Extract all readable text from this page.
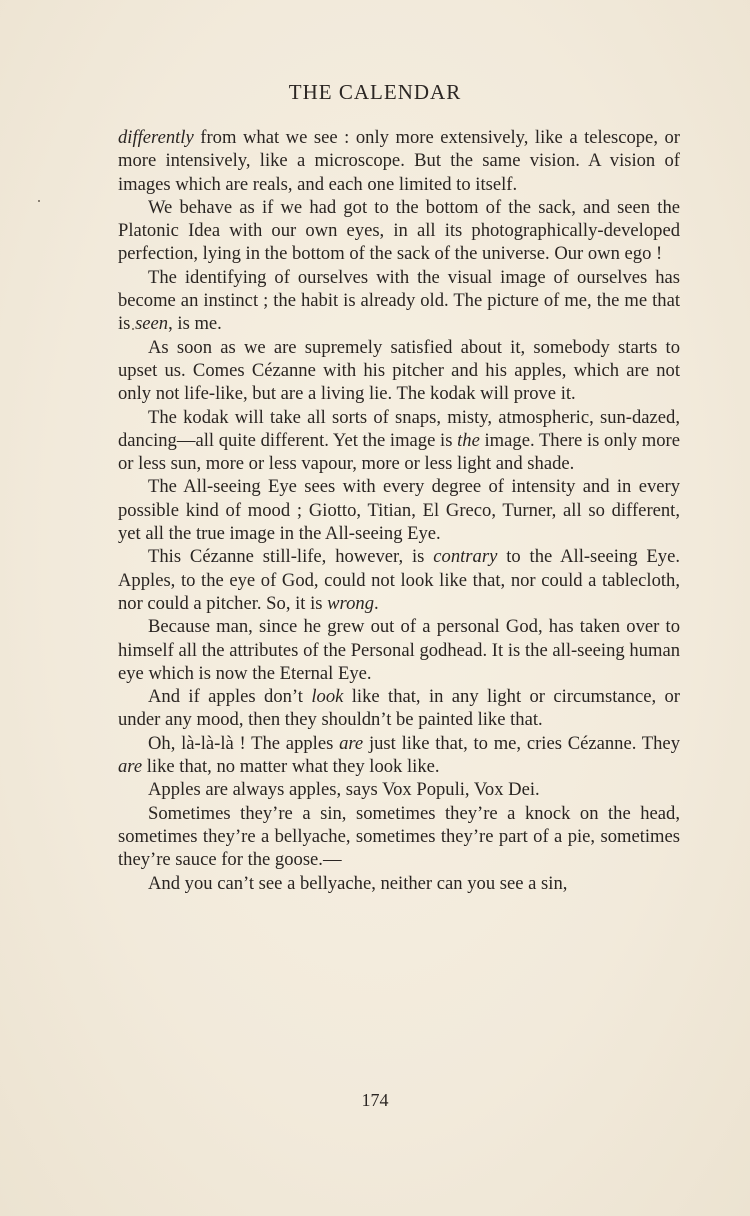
THE CALENDAR

differently from what we see : only more extensively, like a telescope, or more intensively, like a microscope. But the same vision. A vision of images which are reals, and each one limited to itself.

We behave as if we had got to the bottom of the sack, and seen the Platonic Idea with our own eyes, in all its photographically-developed perfection, lying in the bottom of the sack of the universe. Our own ego !

The identifying of ourselves with the visual image of ourselves has become an instinct ; the habit is already old. The picture of me, the me that is seen, is me.

As soon as we are supremely satisfied about it, somebody starts to upset us. Comes Cézanne with his pitcher and his apples, which are not only not life-like, but are a living lie. The kodak will prove it.

The kodak will take all sorts of snaps, misty, atmospheric, sun-dazed, dancing—all quite different. Yet the image is the image. There is only more or less sun, more or less vapour, more or less light and shade.

The All-seeing Eye sees with every degree of intensity and in every possible kind of mood ; Giotto, Titian, El Greco, Turner, all so different, yet all the true image in the All-seeing Eye.

This Cézanne still-life, however, is contrary to the All-seeing Eye. Apples, to the eye of God, could not look like that, nor could a tablecloth, nor could a pitcher. So, it is wrong.

Because man, since he grew out of a personal God, has taken over to himself all the attributes of the Personal godhead. It is the all-seeing human eye which is now the Eternal Eye.

And if apples don’t look like that, in any light or circumstance, or under any mood, then they shouldn’t be painted like that.

Oh, là-là-là ! The apples are just like that, to me, cries Cézanne. They are like that, no matter what they look like.

Apples are always apples, says Vox Populi, Vox Dei.

Sometimes they’re a sin, sometimes they’re a knock on the head, sometimes they’re a bellyache, sometimes they’re part of a pie, sometimes they’re sauce for the goose.—

And you can’t see a bellyache, neither can you see a sin,

174
